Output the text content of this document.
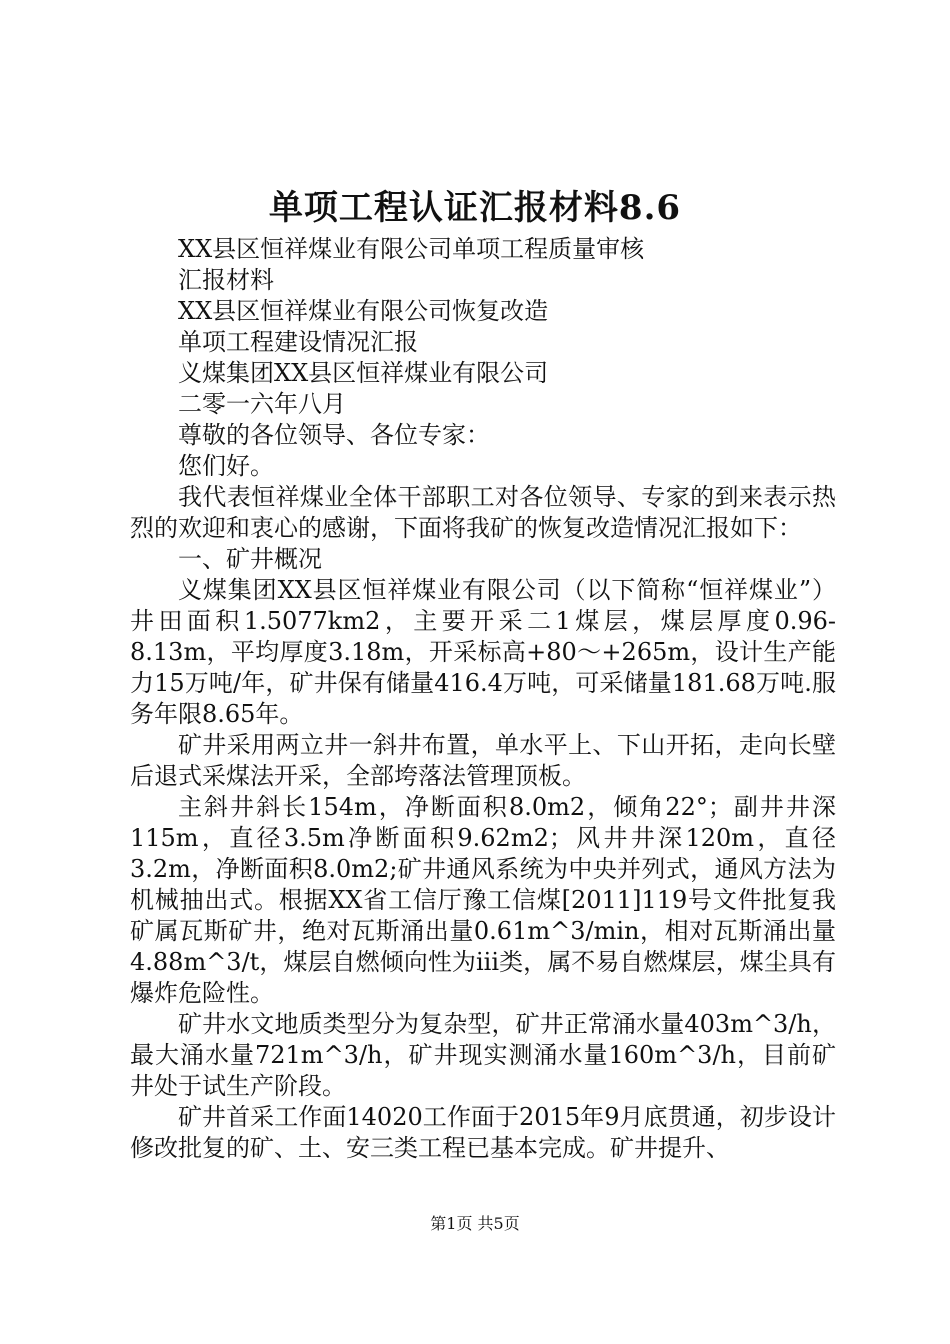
单项工程认证汇报材料8.6
XX县区恒祥煤业有限公司单项工程质量审核
汇报材料
XX县区恒祥煤业有限公司恢复改造
单项工程建设情况汇报
义煤集团XX县区恒祥煤业有限公司
二零一六年八月
尊敬的各位领导、各位专家：
您们好。

我代表恒祥煤业全体干部职工对各位领导、专家的到来表示热烈的欢迎和衷心的感谢，下面将我矿的恢复改造情况汇报如下：

一、矿井概况

义煤集团XX县区恒祥煤业有限公司（以下简称“恒祥煤业”）井田面积1.5077km2，主要开采二1煤层，煤层厚度0.96-8.13m，平均厚度3.18m，开采标高+80～+265m，设计生产能力15万吨/年，矿井保有储量416.4万吨，可采储量181.68万吨.服务年限8.65年。

矿井采用两立井一斜井布置，单水平上、下山开拓，走向长壁后退式采煤法开采，全部垮落法管理顶板。

主斜井斜长154m，净断面积8.0m2，倾角22°；副井井深115m，直径3.5m净断面积9.62m2；风井井深120m，直径3.2m，净断面积8.0m2;矿井通风系统为中央并列式，通风方法为机械抽出式。根据XX省工信厅豫工信煤[2011]119号文件批复我矿属瓦斯矿井，绝对瓦斯涌出量0.61m^3/min，相对瓦斯涌出量4.88m^3/t，煤层自燃倾向性为iii类，属不易自燃煤层，煤尘具有爆炸危险性。

矿井水文地质类型分为复杂型，矿井正常涌水量403m^3/h，最大涌水量721m^3/h，矿井现实测涌水量160m^3/h，目前矿井处于试生产阶段。

矿井首采工作面14020工作面于2015年9月底贯通，初步设计修改批复的矿、土、安三类工程已基本完成。矿井提升、

第1页 共5页
